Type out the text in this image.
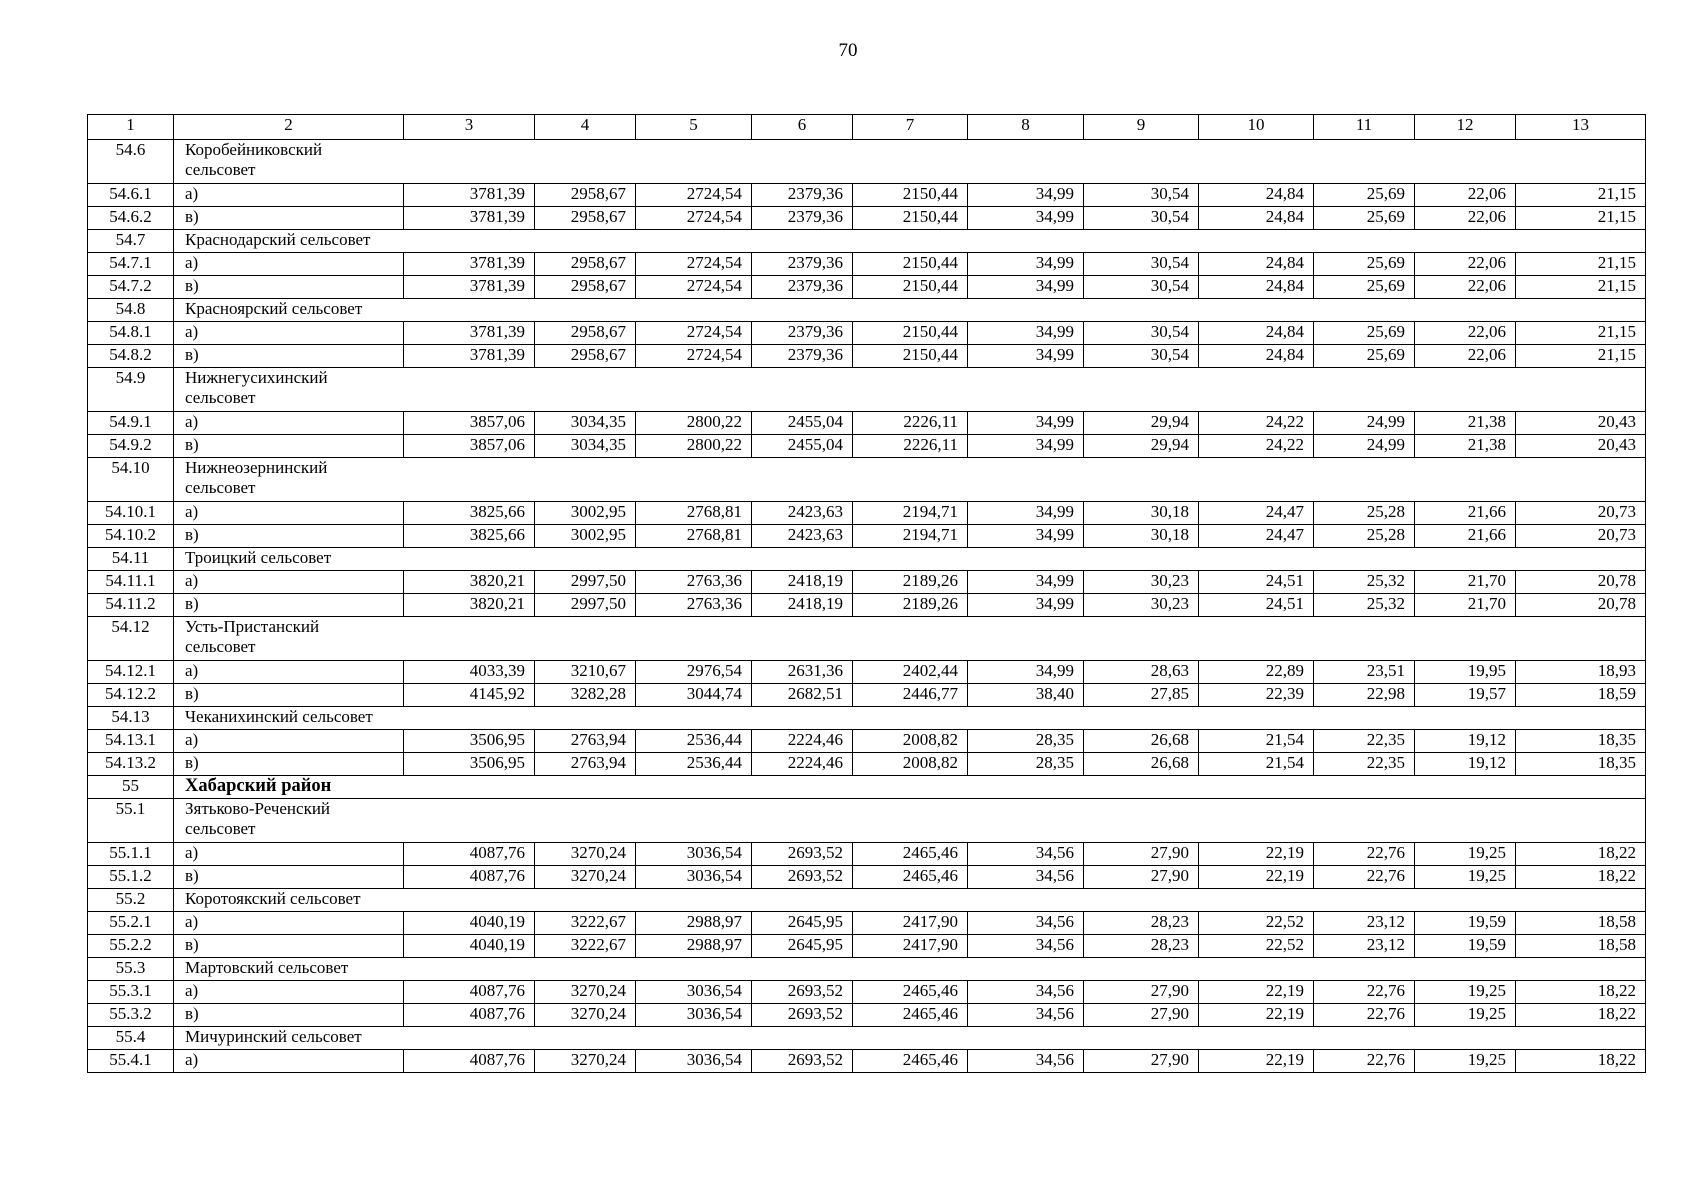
70
1	2	3	4	5	6	7	8	9	10	11	12	13
54.6	Коробейниковский сельсовет											
54.6.1	а)	3781,39	2958,67	2724,54	2379,36	2150,44	34,99	30,54	24,84	25,69	22,06	21,15
54.6.2	в)	3781,39	2958,67	2724,54	2379,36	2150,44	34,99	30,54	24,84	25,69	22,06	21,15
54.7	Краснодарский сельсовет											
54.7.1	а)	3781,39	2958,67	2724,54	2379,36	2150,44	34,99	30,54	24,84	25,69	22,06	21,15
54.7.2	в)	3781,39	2958,67	2724,54	2379,36	2150,44	34,99	30,54	24,84	25,69	22,06	21,15
54.8	Красноярский сельсовет											
54.8.1	а)	3781,39	2958,67	2724,54	2379,36	2150,44	34,99	30,54	24,84	25,69	22,06	21,15
54.8.2	в)	3781,39	2958,67	2724,54	2379,36	2150,44	34,99	30,54	24,84	25,69	22,06	21,15
54.9	Нижнегусихинский сельсовет											
54.9.1	а)	3857,06	3034,35	2800,22	2455,04	2226,11	34,99	29,94	24,22	24,99	21,38	20,43
54.9.2	в)	3857,06	3034,35	2800,22	2455,04	2226,11	34,99	29,94	24,22	24,99	21,38	20,43
54.10	Нижнеозернинский сельсовет											
54.10.1	а)	3825,66	3002,95	2768,81	2423,63	2194,71	34,99	30,18	24,47	25,28	21,66	20,73
54.10.2	в)	3825,66	3002,95	2768,81	2423,63	2194,71	34,99	30,18	24,47	25,28	21,66	20,73
54.11	Троицкий сельсовет											
54.11.1	а)	3820,21	2997,50	2763,36	2418,19	2189,26	34,99	30,23	24,51	25,32	21,70	20,78
54.11.2	в)	3820,21	2997,50	2763,36	2418,19	2189,26	34,99	30,23	24,51	25,32	21,70	20,78
54.12	Усть-Пристанский сельсовет											
54.12.1	а)	4033,39	3210,67	2976,54	2631,36	2402,44	34,99	28,63	22,89	23,51	19,95	18,93
54.12.2	в)	4145,92	3282,28	3044,74	2682,51	2446,77	38,40	27,85	22,39	22,98	19,57	18,59
54.13	Чеканихинский сельсовет											
54.13.1	а)	3506,95	2763,94	2536,44	2224,46	2008,82	28,35	26,68	21,54	22,35	19,12	18,35
54.13.2	в)	3506,95	2763,94	2536,44	2224,46	2008,82	28,35	26,68	21,54	22,35	19,12	18,35
55	Хабарский район											
55.1	Зятьково-Реченский сельсовет											
55.1.1	а)	4087,76	3270,24	3036,54	2693,52	2465,46	34,56	27,90	22,19	22,76	19,25	18,22
55.1.2	в)	4087,76	3270,24	3036,54	2693,52	2465,46	34,56	27,90	22,19	22,76	19,25	18,22
55.2	Коротоякский сельсовет											
55.2.1	а)	4040,19	3222,67	2988,97	2645,95	2417,90	34,56	28,23	22,52	23,12	19,59	18,58
55.2.2	в)	4040,19	3222,67	2988,97	2645,95	2417,90	34,56	28,23	22,52	23,12	19,59	18,58
55.3	Мартовский сельсовет											
55.3.1	а)	4087,76	3270,24	3036,54	2693,52	2465,46	34,56	27,90	22,19	22,76	19,25	18,22
55.3.2	в)	4087,76	3270,24	3036,54	2693,52	2465,46	34,56	27,90	22,19	22,76	19,25	18,22
55.4	Мичуринский сельсовет											
55.4.1	а)	4087,76	3270,24	3036,54	2693,52	2465,46	34,56	27,90	22,19	22,76	19,25	18,22
